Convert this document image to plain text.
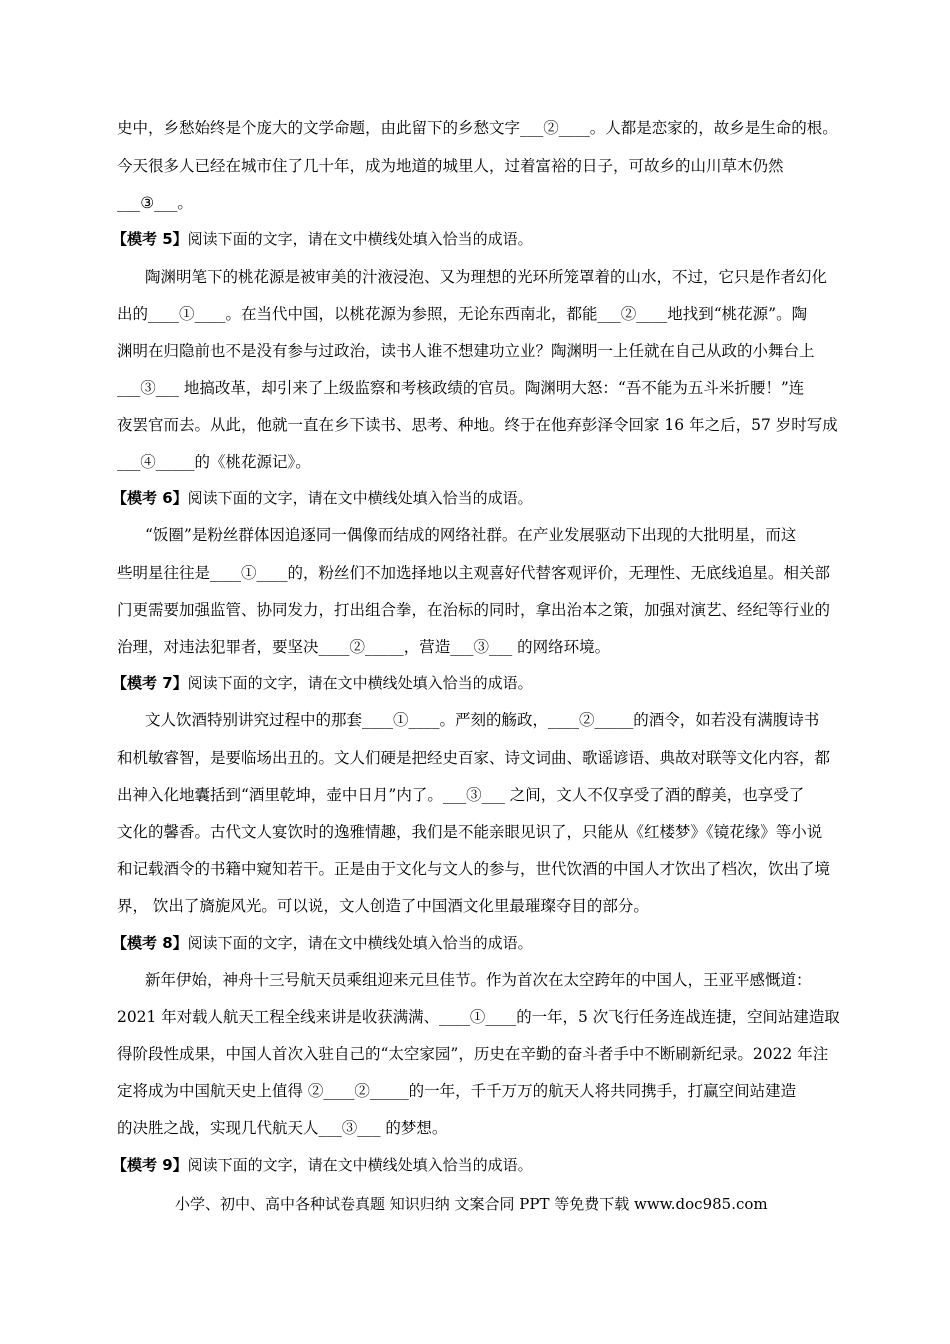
史中，乡愁始终是个庞大的文学命题，由此留下的乡愁文字___②____。人都是恋家的，故乡是生命的根。
今天很多人已经在城市住了几十年，成为地道的城里人，过着富裕的日子，可故乡的山川草木仍然
___③___。
【模考 5】阅读下面的文字，请在文中横线处填入恰当的成语。
陶渊明笔下的桃花源是被审美的汁液浸泡、又为理想的光环所笼罩着的山水，不过，它只是作者幻化
出的____①____。在当代中国，以桃花源为参照，无论东西南北，都能___②____地找到“桃花源”。陶
渊明在归隐前也不是没有参与过政治，读书人谁不想建功立业？陶渊明一上任就在自己从政的小舞台上
___③___ 地搞改革，却引来了上级监察和考核政绩的官员。陶渊明大怒：“吾不能为五斗米折腰！”连
夜罢官而去。从此，他就一直在乡下读书、思考、种地。终于在他弃彭泽令回家 16 年之后，57 岁时写成
___④_____的《桃花源记》。
【模考 6】阅读下面的文字，请在文中横线处填入恰当的成语。
“饭圈”是粉丝群体因追逐同一偶像而结成的网络社群。在产业发展驱动下出现的大批明星，而这
些明星往往是____①____的，粉丝们不加选择地以主观喜好代替客观评价，无理性、无底线追星。相关部
门更需要加强监管、协同发力，打出组合拳，在治标的同时，拿出治本之策，加强对演艺、经纪等行业的
治理，对违法犯罪者，要坚决____②_____，营造___③___ 的网络环境。
【模考 7】阅读下面的文字，请在文中横线处填入恰当的成语。
文人饮酒特别讲究过程中的那套____①____。严刻的觞政，____②_____的酒令，如若没有满腹诗书
和机敏睿智，是要临场出丑的。文人们硬是把经史百家、诗文词曲、歌谣谚语、典故对联等文化内容，都
出神入化地囊括到“酒里乾坤，壶中日月”内了。___③___ 之间，文人不仅享受了酒的醇美，也享受了
文化的馨香。古代文人宴饮时的逸雅情趣，我们是不能亲眼见识了，只能从《红楼梦》《镜花缘》等小说
和记载酒令的书籍中窥知若干。正是由于文化与文人的参与，世代饮酒的中国人才饮出了档次，饮出了境
界， 饮出了旖旎风光。可以说，文人创造了中国酒文化里最璀璨夺目的部分。
【模考 8】阅读下面的文字，请在文中横线处填入恰当的成语。
新年伊始，神舟十三号航天员乘组迎来元旦佳节。作为首次在太空跨年的中国人，王亚平感慨道：
2021 年对载人航天工程全线来讲是收获满满、____①____的一年，5 次飞行任务连战连捷，空间站建造取
得阶段性成果，中国人首次入驻自己的“太空家园”，历史在辛勤的奋斗者手中不断刷新纪录。2022 年注
定将成为中国航天史上值得 ②____②_____的一年，千千万万的航天人将共同携手，打赢空间站建造
的决胜之战，实现几代航天人___③___ 的梦想。
【模考 9】阅读下面的文字，请在文中横线处填入恰当的成语。
小学、初中、高中各种试卷真题 知识归纳 文案合同 PPT 等免费下载 www.doc985.com
